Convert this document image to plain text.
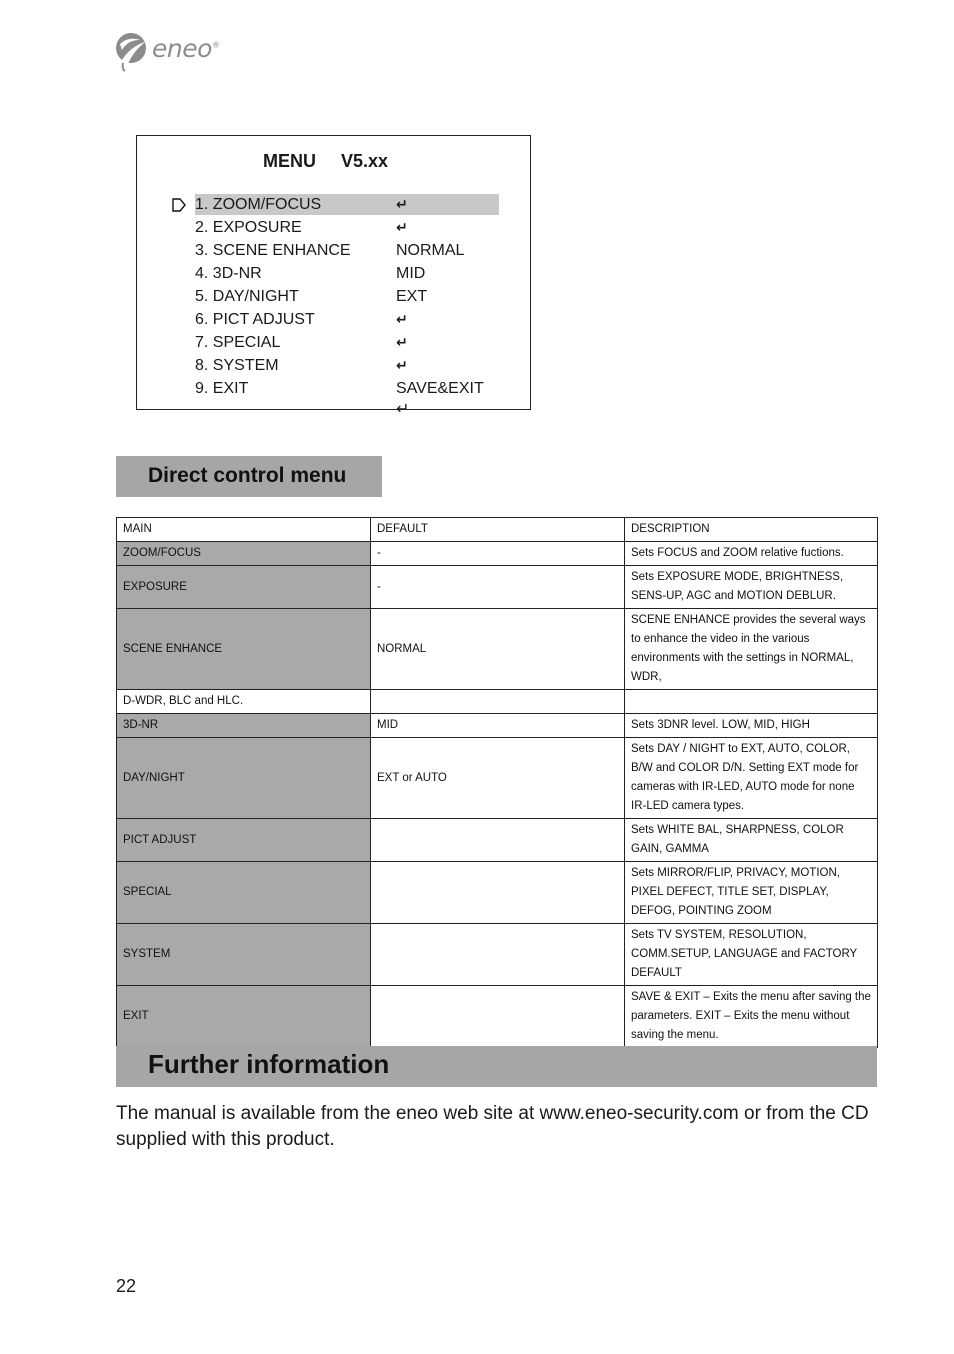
eneo®
MENU     V5.xx
1. ZOOM/FOCUS	↵
2. EXPOSURE	↵
3. SCENE ENHANCE	NORMAL
4. 3D-NR	MID
5. DAY/NIGHT	EXT
6. PICT ADJUST	↵
7. SPECIAL	↵
8. SYSTEM	↵
9. EXIT	SAVE&EXIT ↵
Direct control menu
MAIN	DEFAULT	DESCRIPTION
ZOOM/FOCUS	-	Sets FOCUS and ZOOM relative fuctions.
EXPOSURE	-	Sets EXPOSURE MODE, BRIGHTNESS, SENS-UP, AGC and MOTION DEBLUR.
SCENE ENHANCE	NORMAL	SCENE ENHANCE provides the several ways to enhance the video in the various environments with the settings in NORMAL, WDR,
D-WDR, BLC and HLC.		
3D-NR	MID	Sets 3DNR level. LOW, MID, HIGH
DAY/NIGHT	EXT or AUTO	Sets DAY / NIGHT to EXT, AUTO, COLOR, B/W and COLOR D/N. Setting EXT mode for cameras with IR-LED, AUTO mode for none IR-LED camera types.
PICT ADJUST		Sets WHITE BAL, SHARPNESS, COLOR GAIN, GAMMA
SPECIAL		Sets MIRROR/FLIP, PRIVACY, MOTION, PIXEL DEFECT, TITLE SET, DISPLAY, DEFOG, POINTING ZOOM
SYSTEM		Sets TV SYSTEM, RESOLUTION, COMM.SETUP, LANGUAGE and FACTORY DEFAULT
EXIT		SAVE & EXIT – Exits the menu after saving the parameters. EXIT – Exits the menu without saving the menu.
Further information
The manual is available from the eneo web site at www.eneo-security.com or from the CD supplied with this product.
22
